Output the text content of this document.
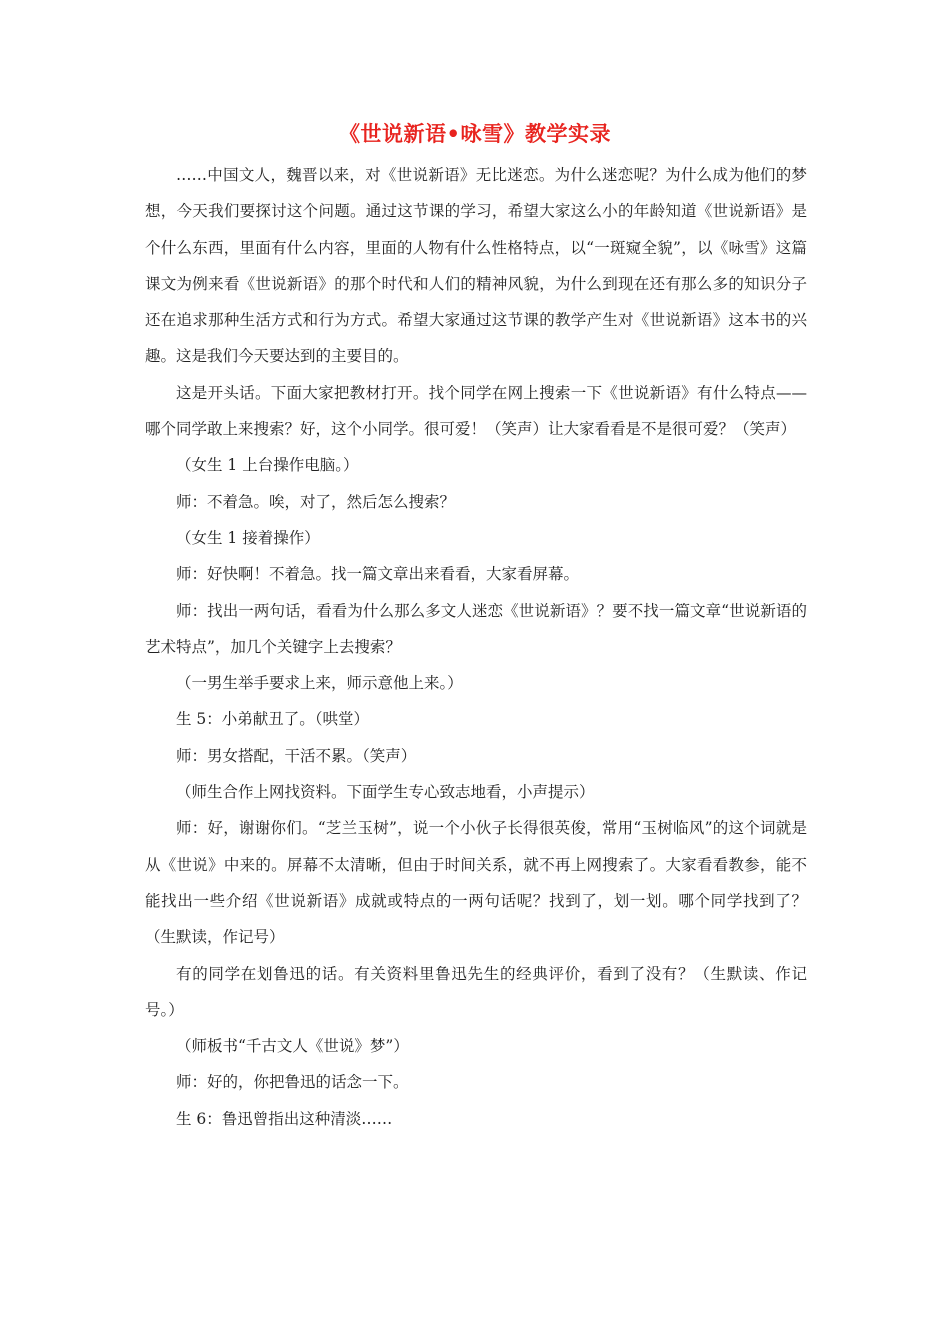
《世说新语•咏雪》教学实录

……中国文人，魏晋以来，对《世说新语》无比迷恋。为什么迷恋呢？为什么成为他们的梦想，今天我们要探讨这个问题。通过这节课的学习，希望大家这么小的年龄知道《世说新语》是个什么东西，里面有什么内容，里面的人物有什么性格特点，以“一斑窥全貌”，以《咏雪》这篇课文为例来看《世说新语》的那个时代和人们的精神风貌，为什么到现在还有那么多的知识分子还在追求那种生活方式和行为方式。希望大家通过这节课的教学产生对《世说新语》这本书的兴趣。这是我们今天要达到的主要目的。

这是开头话。下面大家把教材打开。找个同学在网上搜索一下《世说新语》有什么特点——哪个同学敢上来搜索？好，这个小同学。很可爱！（笑声）让大家看看是不是很可爱？（笑声）

（女生 1 上台操作电脑。）

师：不着急。唉，对了，然后怎么搜索？

（女生 1 接着操作）

师：好快啊！不着急。找一篇文章出来看看，大家看屏幕。

师：找出一两句话，看看为什么那么多文人迷恋《世说新语》？要不找一篇文章“世说新语的艺术特点”，加几个关键字上去搜索？

（一男生举手要求上来，师示意他上来。）

生 5：小弟献丑了。（哄堂）

师：男女搭配，干活不累。（笑声）

（师生合作上网找资料。下面学生专心致志地看，小声提示）

师：好，谢谢你们。“芝兰玉树”，说一个小伙子长得很英俊，常用“玉树临风”的这个词就是从《世说》中来的。屏幕不太清晰，但由于时间关系，就不再上网搜索了。大家看看教参，能不能找出一些介绍《世说新语》成就或特点的一两句话呢？找到了，划一划。哪个同学找到了？（生默读，作记号）

有的同学在划鲁迅的话。有关资料里鲁迅先生的经典评价，看到了没有？（生默读、作记号。）

（师板书“千古文人《世说》梦”）

师：好的，你把鲁迅的话念一下。

生 6：鲁迅曾指出这种清淡……
